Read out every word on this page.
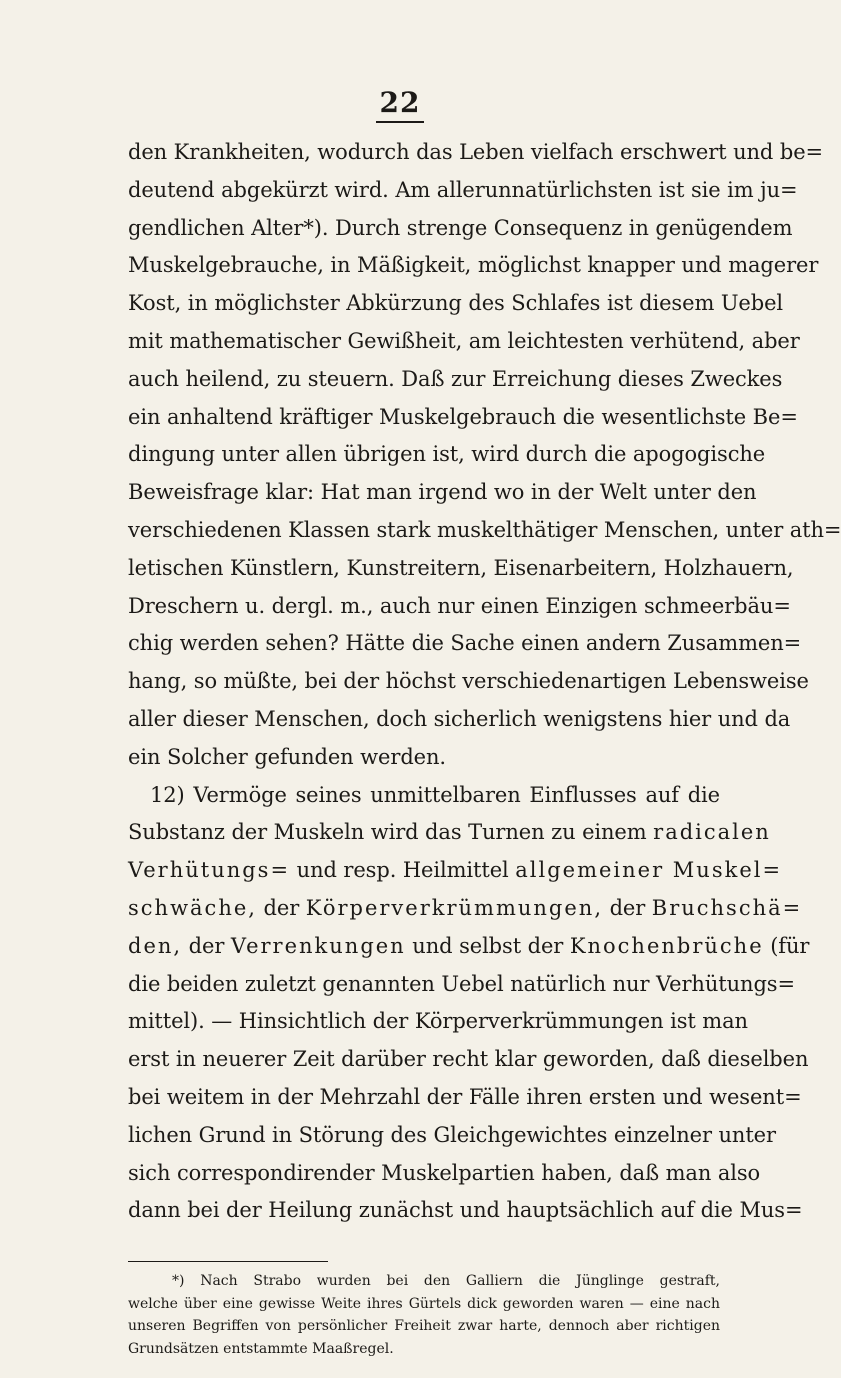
22
den Krankheiten, wodurch das Leben vielfach erschwert und be=
deutend abgekürzt wird. Am allerunnatürlichsten ist sie im ju=
gendlichen Alter*). Durch strenge Consequenz in genügendem
Muskelgebrauche, in Mäßigkeit, möglichst knapper und magerer
Kost, in möglichster Abkürzung des Schlafes ist diesem Uebel
mit mathematischer Gewißheit, am leichtesten verhütend, aber
auch heilend, zu steuern. Daß zur Erreichung dieses Zweckes
ein anhaltend kräftiger Muskelgebrauch die wesentlichste Be=
dingung unter allen übrigen ist, wird durch die apogogische
Beweisfrage klar: Hat man irgend wo in der Welt unter den
verschiedenen Klassen stark muskelthätiger Menschen, unter ath=
letischen Künstlern, Kunstreitern, Eisenarbeitern, Holzhauern,
Dreschern u. dergl. m., auch nur einen Einzigen schmeerbäu=
chig werden sehen? Hätte die Sache einen andern Zusammen=
hang, so müßte, bei der höchst verschiedenartigen Lebensweise
aller dieser Menschen, doch sicherlich wenigstens hier und da
ein Solcher gefunden werden.
12) Vermöge seines unmittelbaren Einflusses auf die
Substanz der Muskeln wird das Turnen zu einem radicalen
Verhütungs= und resp. Heilmittel allgemeiner Muskel=
schwäche, der Körperverkrümmungen, der Bruchschä=
den, der Verrenkungen und selbst der Knochenbrüche (für
die beiden zuletzt genannten Uebel natürlich nur Verhütungs=
mittel). — Hinsichtlich der Körperverkrümmungen ist man
erst in neuerer Zeit darüber recht klar geworden, daß dieselben
bei weitem in der Mehrzahl der Fälle ihren ersten und wesent=
lichen Grund in Störung des Gleichgewichtes einzelner unter
sich correspondirender Muskelpartien haben, daß man also
dann bei der Heilung zunächst und hauptsächlich auf die Mus=
*) Nach Strabo wurden bei den Galliern die Jünglinge gestraft,
welche über eine gewisse Weite ihres Gürtels dick geworden waren — eine nach
unseren Begriffen von persönlicher Freiheit zwar harte, dennoch aber richtigen
Grundsätzen entstammte Maaßregel.
